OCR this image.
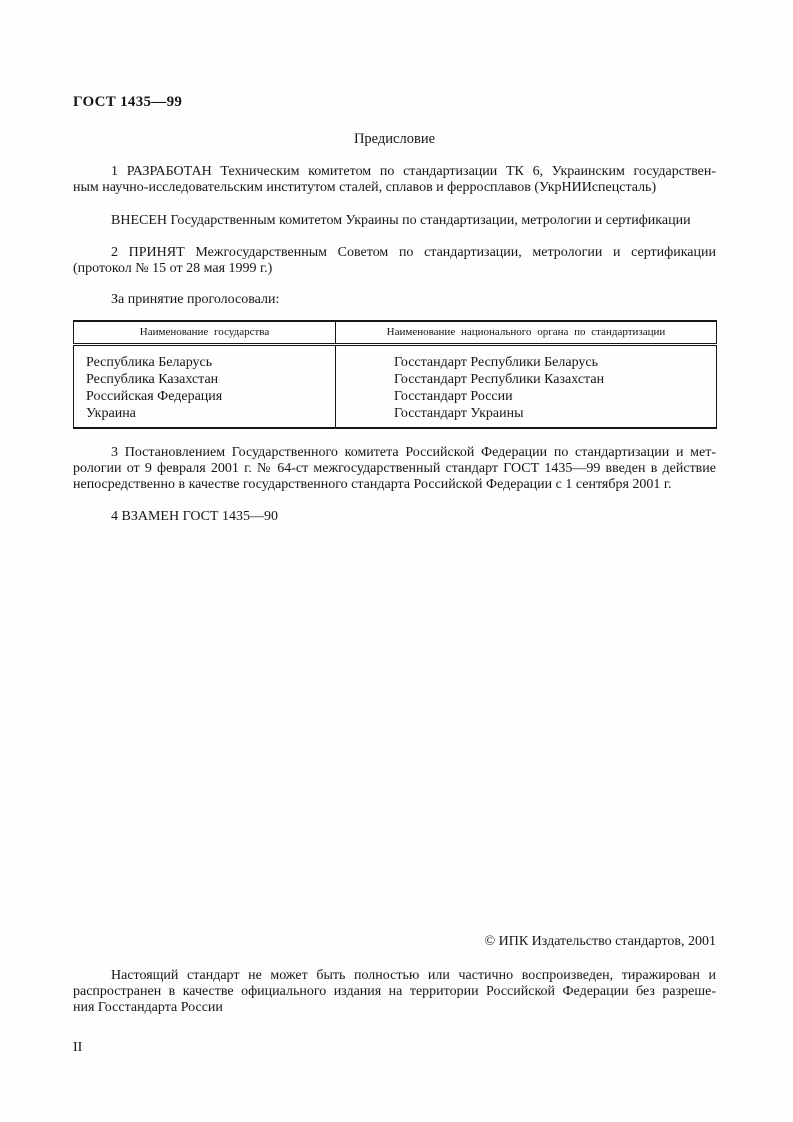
ГОСТ 1435—99
Предисловие
1 РАЗРАБОТАН Техническим комитетом по стандартизации ТК 6, Украинским государствен-
ным научно-исследовательским институтом сталей, сплавов и ферросплавов (УкрНИИспецсталь)
ВНЕСЕН Государственным комитетом Украины по стандартизации, метрологии и сертификации
2 ПРИНЯТ Межгосударственным Советом по стандартизации, метрологии и сертификации
(протокол № 15 от 28 мая 1999 г.)
За принятие проголосовали:
Наименование государства	Наименование национального органа по стандартизации
Республика Беларусь	Госстандарт Республики Беларусь
Республика Казахстан	Госстандарт Республики Казахстан
Российская Федерация	Госстандарт России
Украина	Госстандарт Украины
3 Постановлением Государственного комитета Российской Федерации по стандартизации и мет-
рологии от 9 февраля 2001 г. № 64-ст межгосударственный стандарт ГОСТ 1435—99 введен в действие
непосредственно в качестве государственного стандарта Российской Федерации с 1 сентября 2001 г.
4 ВЗАМЕН ГОСТ 1435—90
© ИПК Издательство стандартов, 2001
Настоящий стандарт не может быть полностью или частично воспроизведен, тиражирован и
распространен в качестве официального издания на территории Российской Федерации без разреше-
ния Госстандарта России
II
